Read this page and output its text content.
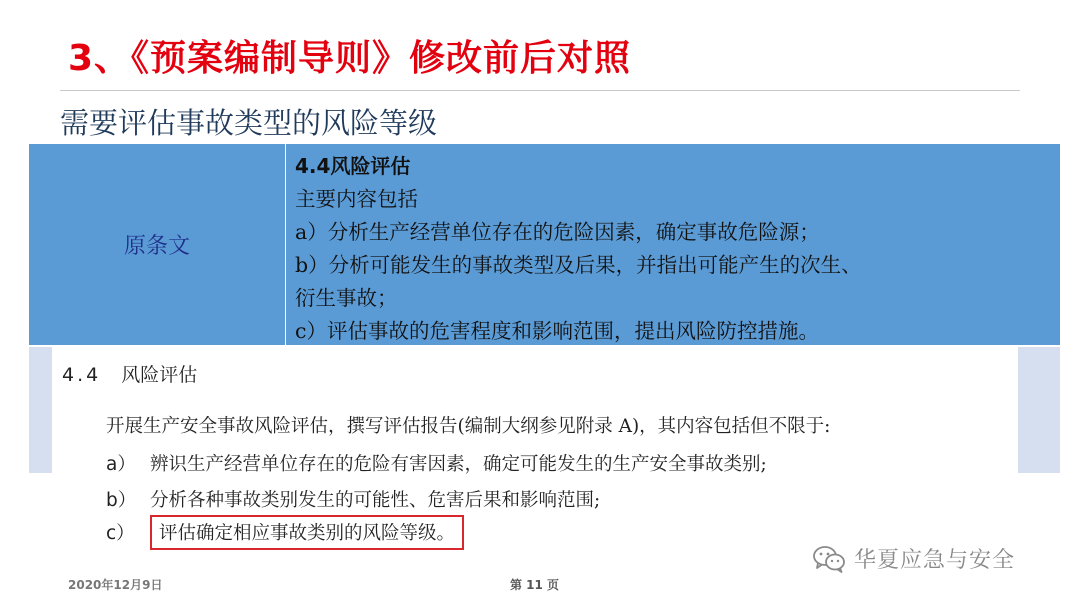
3、《预案编制导则》修改前后对照
需要评估事故类型的风险等级
原条文
4.4风险评估
主要内容包括
a）分析生产经营单位存在的危险因素，确定事故危险源；
b）分析可能发生的事故类型及后果，并指出可能产生的次生、
衍生事故；
c）评估事故的危害程度和影响范围，提出风险防控措施。
4.4 风险评估
开展生产安全事故风险评估，撰写评估报告(编制大纲参见附录 A)，其内容包括但不限于:
a） 辨识生产经营单位存在的危险有害因素，确定可能发生的生产安全事故类别;
b） 分析各种事故类别发生的可能性、危害后果和影响范围;
c） 评估确定相应事故类别的风险等级。
2020年12月9日	第 11 页
华夏应急与安全
